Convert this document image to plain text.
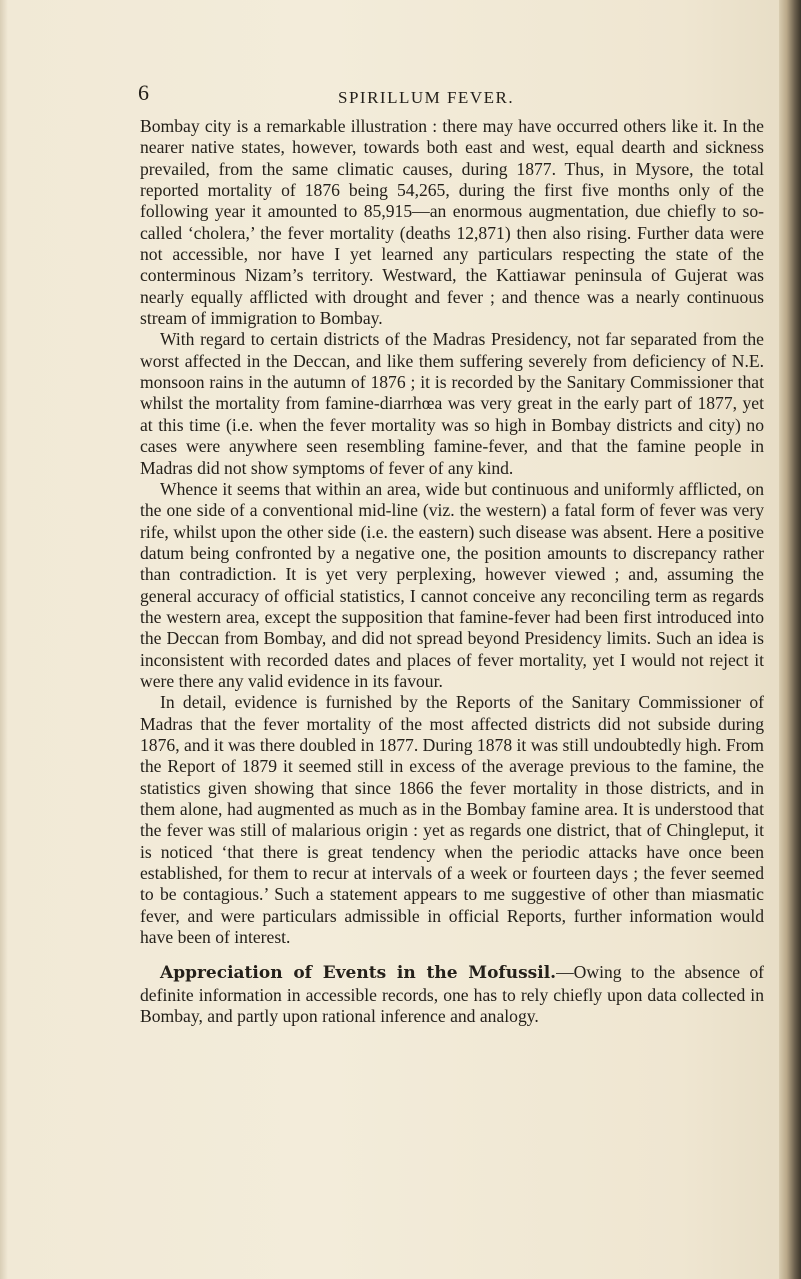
6	SPIRILLUM FEVER.

Bombay city is a remarkable illustration : there may have occurred others like it. In the nearer native states, however, towards both east and west, equal dearth and sickness prevailed, from the same climatic causes, during 1877. Thus, in Mysore, the total reported mortality of 1876 being 54,265, during the first five months only of the following year it amounted to 85,915—an enormous augmentation, due chiefly to so-called ‘cholera,’ the fever mortality (deaths 12,871) then also rising. Further data were not accessible, nor have I yet learned any particulars respecting the state of the conterminous Nizam’s territory. Westward, the Kattiawar peninsula of Gujerat was nearly equally afflicted with drought and fever ; and thence was a nearly continuous stream of immigration to Bombay.

With regard to certain districts of the Madras Presidency, not far separated from the worst affected in the Deccan, and like them suffering severely from deficiency of N.E. monsoon rains in the autumn of 1876 ; it is recorded by the Sanitary Commissioner that whilst the mortality from famine-diarrhœa was very great in the early part of 1877, yet at this time (i.e. when the fever mortality was so high in Bombay districts and city) no cases were anywhere seen resembling famine-fever, and that the famine people in Madras did not show symptoms of fever of any kind.

Whence it seems that within an area, wide but continuous and uniformly afflicted, on the one side of a conventional mid-line (viz. the western) a fatal form of fever was very rife, whilst upon the other side (i.e. the eastern) such disease was absent. Here a positive datum being confronted by a negative one, the position amounts to discrepancy rather than contradiction. It is yet very perplexing, however viewed ; and, assuming the general accuracy of official statistics, I cannot conceive any reconciling term as regards the western area, except the supposition that famine-fever had been first introduced into the Deccan from Bombay, and did not spread beyond Presidency limits. Such an idea is inconsistent with recorded dates and places of fever mortality, yet I would not reject it were there any valid evidence in its favour.

In detail, evidence is furnished by the Reports of the Sanitary Commissioner of Madras that the fever mortality of the most affected districts did not subside during 1876, and it was there doubled in 1877. During 1878 it was still undoubtedly high. From the Report of 1879 it seemed still in excess of the average previous to the famine, the statistics given showing that since 1866 the fever mortality in those districts, and in them alone, had augmented as much as in the Bombay famine area. It is understood that the fever was still of malarious origin : yet as regards one district, that of Chingleput, it is noticed ‘that there is great tendency when the periodic attacks have once been established, for them to recur at intervals of a week or fourteen days ; the fever seemed to be contagious.’ Such a statement appears to me suggestive of other than miasmatic fever, and were particulars admissible in official Reports, further information would have been of interest.

Appreciation of Events in the Mofussil.—Owing to the absence of definite information in accessible records, one has to rely chiefly upon data collected in Bombay, and partly upon rational inference and analogy.
